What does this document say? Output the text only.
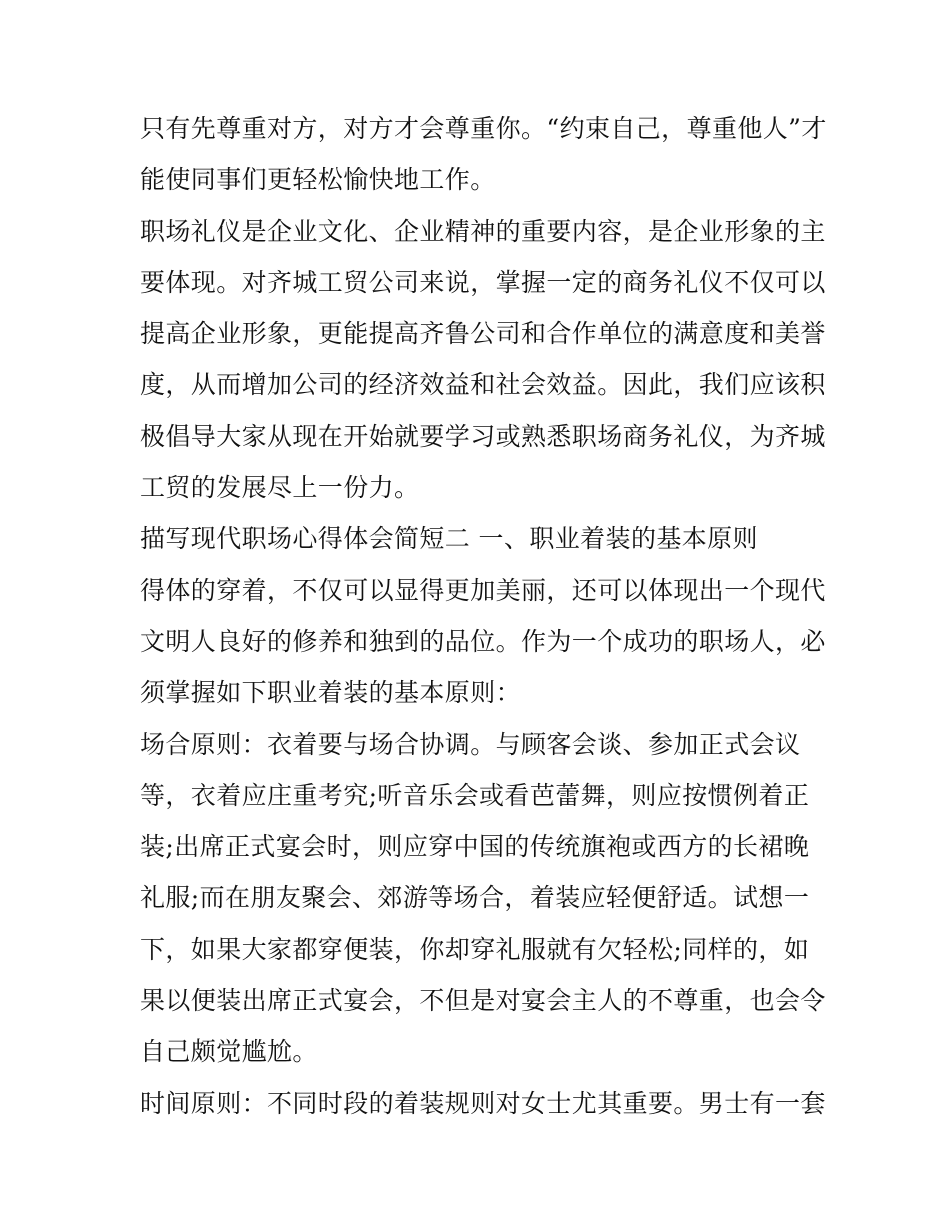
只有先尊重对方，对方才会尊重你。“约束自己，尊重他人”才
能使同事们更轻松愉快地工作。
职场礼仪是企业文化、企业精神的重要内容，是企业形象的主
要体现。对齐城工贸公司来说，掌握一定的商务礼仪不仅可以
提高企业形象，更能提高齐鲁公司和合作单位的满意度和美誉
度，从而增加公司的经济效益和社会效益。因此，我们应该积
极倡导大家从现在开始就要学习或熟悉职场商务礼仪，为齐城
工贸的发展尽上一份力。
描写现代职场心得体会简短二 一、职业着装的基本原则
得体的穿着，不仅可以显得更加美丽，还可以体现出一个现代
文明人良好的修养和独到的品位。作为一个成功的职场人，必
须掌握如下职业着装的基本原则：
场合原则：衣着要与场合协调。与顾客会谈、参加正式会议
等，衣着应庄重考究;听音乐会或看芭蕾舞，则应按惯例着正
装;出席正式宴会时，则应穿中国的传统旗袍或西方的长裙晚
礼服;而在朋友聚会、郊游等场合，着装应轻便舒适。试想一
下，如果大家都穿便装，你却穿礼服就有欠轻松;同样的，如
果以便装出席正式宴会，不但是对宴会主人的不尊重，也会令
自己颇觉尴尬。
时间原则：不同时段的着装规则对女士尤其重要。男士有一套
